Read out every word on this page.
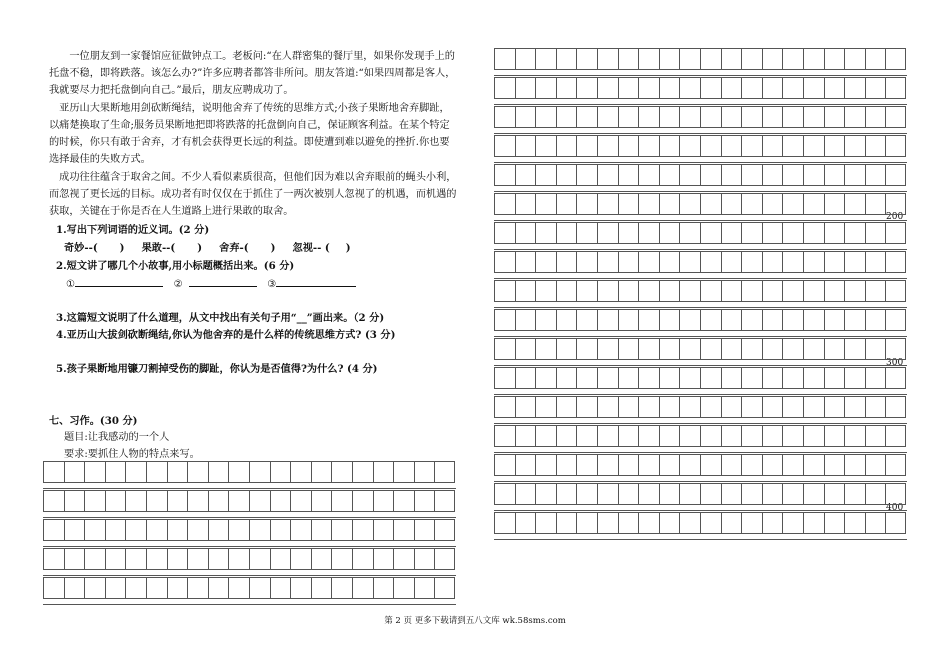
　　一位朋友到一家餐馆应征做钟点工。老板问:“在人群密集的餐厅里，如果你发现手上的托盘不稳，即将跌落。该怎么办?”许多应聘者都答非所问。朋友答道:“如果四周都是客人，我就要尽力把托盘倒向自己。”最后，朋友应聘成功了。

　亚历山大果断地用剑砍断绳结，说明他舍弃了传统的思维方式;小孩子果断地舍弃脚趾，以痛楚换取了生命;服务员果断地把即将跌落的托盘倒向自己，保证顾客利益。在某个特定的时候，你只有敢于舍弃，才有机会获得更长远的利益。即使遭到难以避免的挫折.你也要选择最佳的失败方式。

　成功往往蕴含于取舍之间。不少人看似素质很高，但他们因为难以舍弃眼前的蝇头小利，而忽视了更长远的目标。成功者有时仅仅在于抓住了一两次被别人忽视了的机遇，而机遇的获取，关键在于你是否在人生道路上进行果敢的取舍。

1.写出下列词语的近义词。(2 分)
奇妙--( ) 果敢--( ) 舍弃-( ) 忽视-- ( )
2.短文讲了哪几个小故事,用小标题概括出来。(6 分)
①	②	③
3.这篇短文说明了什么道理，从文中找出有关句子用“__”画出来。（2 分)
4.亚历山大拔剑砍断绳结,你认为他舍弃的是什么样的传统思维方式? (3 分)
5.孩子果断地用镰刀割掉受伤的脚趾，你认为是否值得?为什么? (4 分)
七、习作。(30 分)
题目:让我感动的一个人
要求:要抓住人物的特点来写。
200
300
400
第 2 页 更多下载请到五八文库 wk.58sms.com
